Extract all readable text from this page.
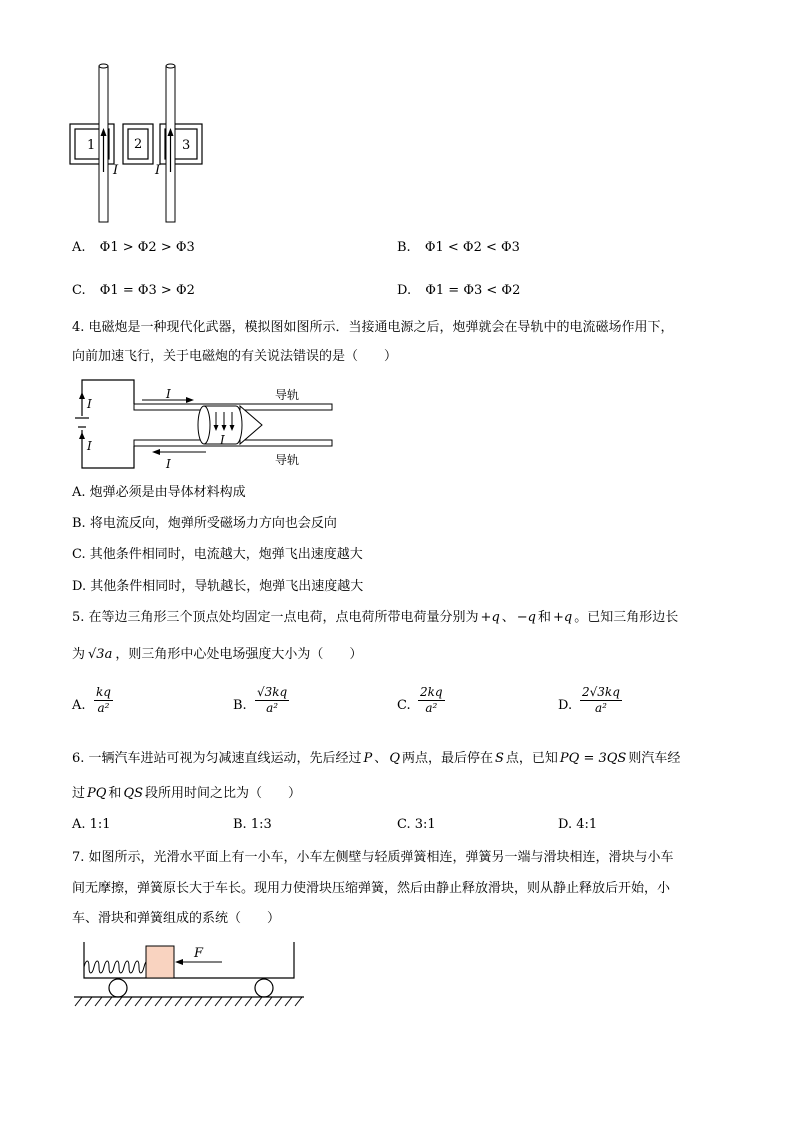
1	2	3
I	I
A. Φ1 > Φ2 > Φ3	B. Φ1 < Φ2 < Φ3
C. Φ1 = Φ3 > Φ2	D. Φ1 = Φ3 < Φ2
4. 电磁炮是一种现代化武器，模拟图如图所示．当接通电源之后，炮弹就会在导轨中的电流磁场作用下，
向前加速飞行，关于电磁炮的有关说法错误的是（　　）
I
I
I
I
I
导轨
导轨
A. 炮弹必须是由导体材料构成
B. 将电流反向，炮弹所受磁场力方向也会反向
C. 其他条件相同时，电流越大，炮弹飞出速度越大
D. 其他条件相同时，导轨越长，炮弹飞出速度越大
5. 在等边三角形三个顶点处均固定一点电荷，点电荷所带电荷量分别为 +q 、 −q 和 +q 。已知三角形边长
为 √3a ，则三角形中心处电场强度大小为（　　）
A. $\frac{kq}{\text{a²}}$	B. $\frac{√3kq}{\text{a²}}$	C. $\frac{2kq}{\text{a²}}$	D. $\frac{2√3kq}{\text{a²}}$
6. 一辆汽车进站可视为匀减速直线运动，先后经过 P 、 Q 两点，最后停在 S 点，已知 PQ = 3QS 则汽车经
过 PQ 和 QS 段所用时间之比为（　　）
A. 1:1	B. 1:3	C. 3:1	D. 4:1
7. 如图所示，光滑水平面上有一小车，小车左侧壁与轻质弹簧相连，弹簧另一端与滑块相连，滑块与小车
间无摩擦，弹簧原长大于车长。现用力使滑块压缩弹簧，然后由静止释放滑块，则从静止释放后开始，小
车、滑块和弹簧组成的系统（　　）
F
